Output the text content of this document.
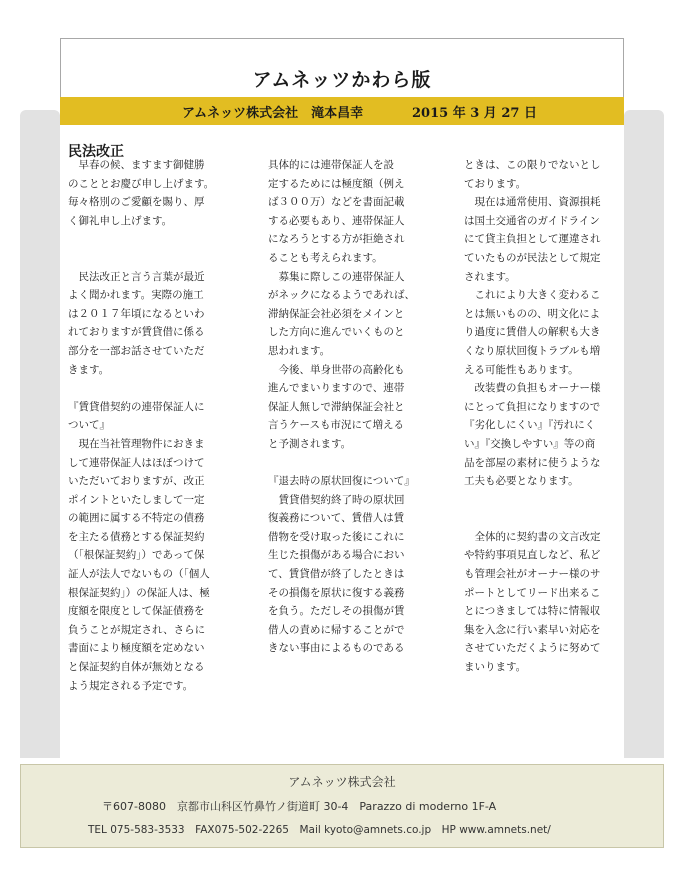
アムネッツかわら版
アムネッツ株式会社　滝本昌幸	2015 年 3 月 27 日
民法改正
　早春の候、ますます御健勝
のこととお慶び申し上げます。
毎々格別のご愛顧を賜り、厚
く御礼申し上げます。
　民法改正と言う言葉が最近
よく聞かれます。実際の施工
は２０１７年頃になるといわ
れておりますが賃貸借に係る
部分を一部お話させていただ
きます。
『賃貸借契約の連帯保証人に
ついて』
　現在当社管理物件におきま
して連帯保証人はほぼつけて
いただいておりますが、改正
ポイントといたしまして一定
の範囲に属する不特定の債務
を主たる債務とする保証契約
（「根保証契約」）であって保
証人が法人でないもの（「個人
根保証契約」）の保証人は、極
度額を限度として保証債務を
負うことが規定され、さらに
書面により極度額を定めない
と保証契約自体が無効となる
よう規定される予定です。
具体的には連帯保証人を設
定するためには極度額（例え
ば３００万）などを書面記載
する必要もあり、連帯保証人
になろうとする方が拒絶され
ることも考えられます。
　募集に際しこの連帯保証人
がネックになるようであれば、
滞納保証会社必須をメインと
した方向に進んでいくものと
思われます。
　今後、単身世帯の高齢化も
進んでまいりますので、連帯
保証人無しで滞納保証会社と
言うケースも市況にて増える
と予測されます。
『退去時の原状回復について』
　賃貸借契約終了時の原状回
復義務について、賃借人は賃
借物を受け取った後にこれに
生じた損傷がある場合におい
て、賃貸借が終了したときは
その損傷を原状に復する義務
を負う。ただしその損傷が賃
借人の責めに帰することがで
きない事由によるものである
ときは、この限りでないとし
ております。
　現在は通常使用、資源損耗
は国土交通省のガイドライン
にて貸主負担として運違され
ていたものが民法として規定
されます。
　これにより大きく変わるこ
とは無いものの、明文化によ
り過度に賃借人の解釈も大き
くなり原状回復トラブルも増
える可能性もあります。
　改装費の負担もオーナー様
にとって負担になりますので
『劣化しにくい』『汚れにく
い』『交換しやすい』等の商
品を部屋の素材に使うような
工夫も必要となります。
　全体的に契約書の文言改定
や特約事項見直しなど、私ど
も管理会社がオーナー様のサ
ポートとしてリード出来るこ
とにつきましては特に情報収
集を入念に行い素早い対応を
させていただくように努めて
まいります。
アムネッツ株式会社
〒607-8080　京都市山科区竹鼻竹ノ街道町 30-4　Parazzo di moderno 1F-A
TEL 075-583-3533　FAX075-502-2265　Mail kyoto@amnets.co.jp　HP www.amnets.net/
